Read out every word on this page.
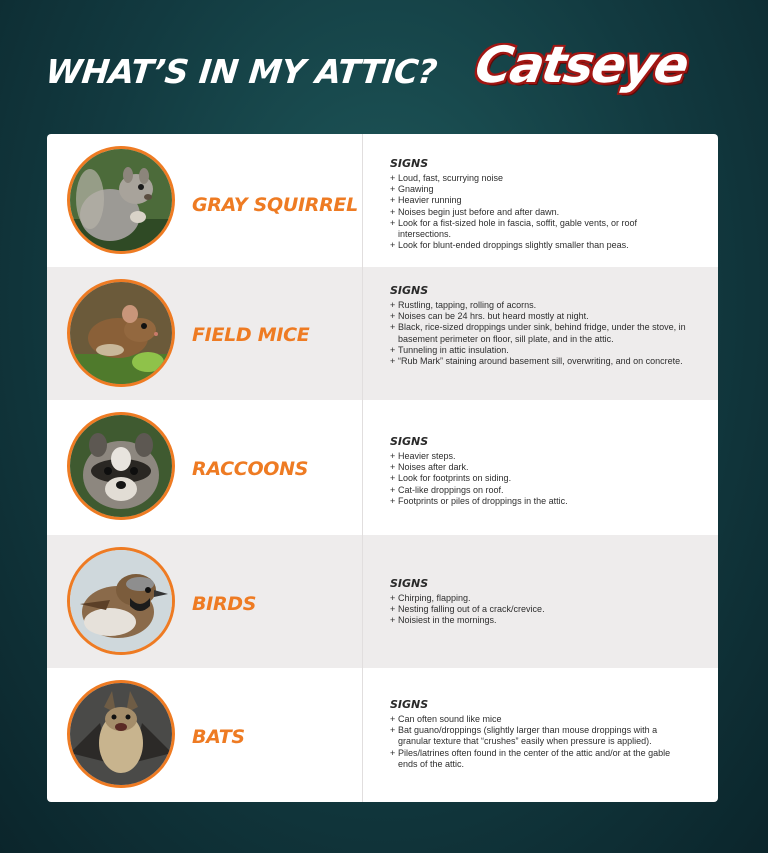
WHAT’S IN MY ATTIC? Catseye
GRAY SQUIRREL
SIGNS
+ Loud, fast, scurrying noise
+ Gnawing
+ Heavier running
+ Noises begin just before and after dawn.
+ Look for a fist-sized hole in fascia, soffit, gable vents, or roof intersections.
+ Look for blunt-ended droppings slightly smaller than peas.
FIELD MICE
SIGNS
+ Rustling, tapping, rolling of acorns.
+ Noises can be 24 hrs. but heard mostly at night.
+ Black, rice-sized droppings under sink, behind fridge, under the stove, in basement perimeter on floor, sill plate, and in the attic.
+ Tunneling in attic insulation.
+ “Rub Mark” staining around basement sill, overwriting, and on concrete.
RACCOONS
SIGNS
+ Heavier steps.
+ Noises after dark.
+ Look for footprints on siding.
+ Cat-like droppings on roof.
+ Footprints or piles of droppings in the attic.
BIRDS
SIGNS
+ Chirping, flapping.
+ Nesting falling out of a crack/crevice.
+ Noisiest in the mornings.
BATS
SIGNS
+ Can often sound like mice
+ Bat guano/droppings (slightly larger than mouse droppings with a granular texture that “crushes” easily when pressure is applied).
+ Piles/latrines often found in the center of the attic and/or at the gable ends of the attic.
